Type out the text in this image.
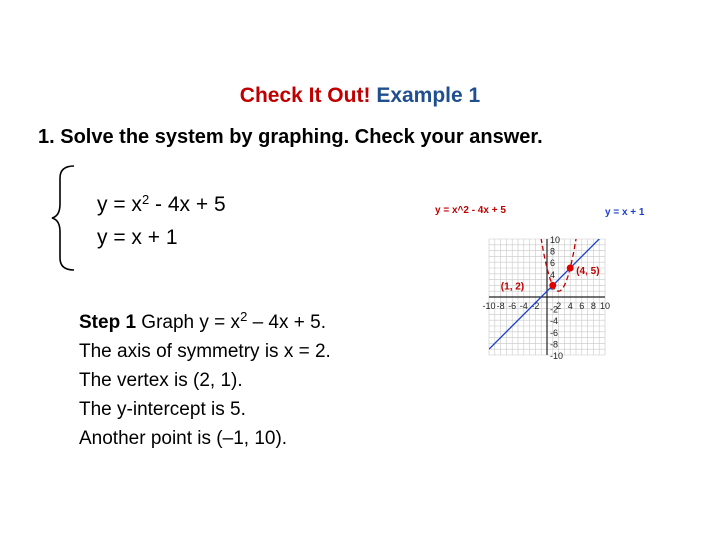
Check It Out! Example 1
1. Solve the system by graphing. Check your answer.
$y = x^2 - 4x + 5$
y = x + 1
Step 1 Graph $y = x^2 - 4x + 5$.
The axis of symmetry is x = 2.
The vertex is (2, 1).
The y-intercept is 5.
Another point is (–1, 10).
-10 -8 -6 -4 -2 2 4 6 8 10
10
8
6
4
-2
-4
-6
-8
-10
y = x^2 - 4x + 5	y = x + 1
(1, 2)
(4, 5)
